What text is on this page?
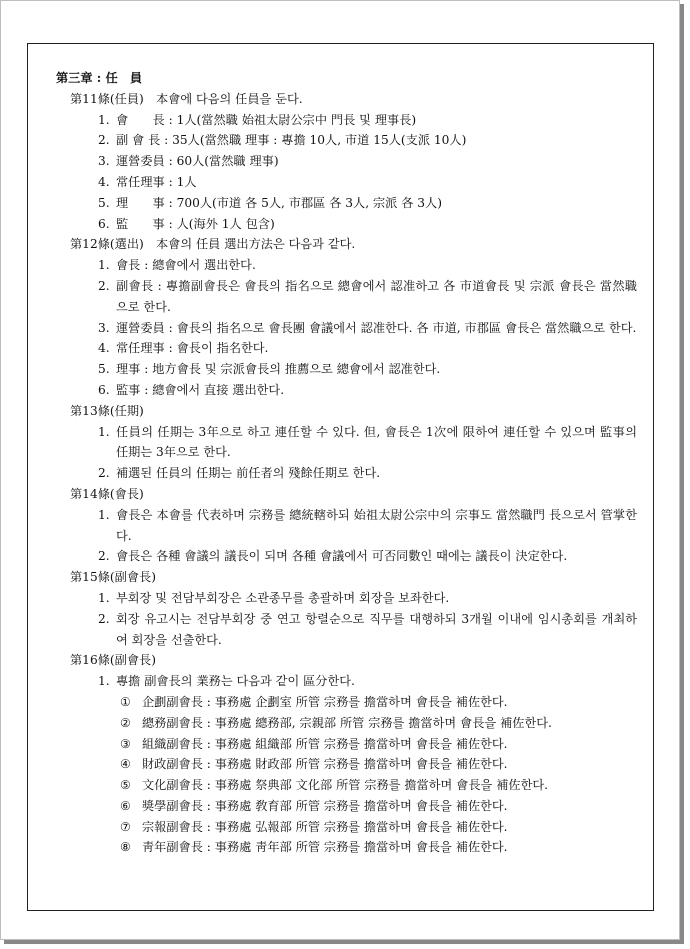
第三章 : 任　員
第11條(任員)　本會에 다음의 任員을 둔다.
1. 會　　長 : 1人(當然職 始祖太尉公宗中 門長 및 理事長)
2. 副 會 長 : 35人(當然職 理事 : 專擔 10人, 市道 15人(支派 10人)
3. 運營委員 : 60人(當然職 理事)
4. 常任理事 : 1人
5. 理　　事 : 700人(市道 各 5人, 市郡區 各 3人, 宗派 各 3人)
6. 監　　事 : 人(海外 1人 包含)
第12條(選出)　本會의 任員 選出方法은 다음과 같다.
1. 會長 : 總會에서 選出한다.
2. 副會長 : 專擔副會長은 會長의 指名으로 總會에서 認准하고 各 市道會長 및 宗派 會長은 當然職으로 한다.
3. 運營委員 : 會長의 指名으로 會長團 會議에서 認准한다. 各 市道, 市郡區 會長은 當然職으로 한다.
4. 常任理事 : 會長이 指名한다.
5. 理事 : 地方會長 및 宗派會長의 推薦으로 總會에서 認准한다.
6. 監事 : 總會에서 直接 選出한다.
第13條(任期)
1. 任員의 任期는 3年으로 하고 連任할 수 있다. 但, 會長은 1次에 限하여 連任할 수 있으며 監事의 任期는 3年으로 한다.
2. 補選된 任員의 任期는 前任者의 殘餘任期로 한다.
第14條(會長)
1. 會長은 本會를 代表하며 宗務를 總統轄하되 始祖太尉公宗中의 宗事도 當然職門 長으로서 管掌한다.
2. 會長은 各種 會議의 議長이 되며 各種 會議에서 可否同數인 때에는 議長이 決定한다.
第15條(副會長)
1. 부회장 및 전담부회장은 소관종무를 총괄하며 회장을 보좌한다.
2. 회장 유고시는 전담부회장 중 연고 항렬순으로 직무를 대행하되 3개월 이내에 임시총회를 개최하여 회장을 선출한다.
第16條(副會長)
1. 專擔 副會長의 業務는 다음과 같이 區分한다.
① 企劃副會長 : 事務處 企劃室 所管 宗務를 擔當하며 會長을 補佐한다.
② 總務副會長 : 事務處 總務部, 宗親部 所管 宗務를 擔當하며 會長을 補佐한다.
③ 組織副會長 : 事務處 組織部 所管 宗務를 擔當하며 會長을 補佐한다.
④ 財政副會長 : 事務處 財政部 所管 宗務를 擔當하며 會長을 補佐한다.
⑤ 文化副會長 : 事務處 祭典部 文化部 所管 宗務를 擔當하며 會長을 補佐한다.
⑥ 獎學副會長 : 事務處 敎育部 所管 宗務를 擔當하며 會長을 補佐한다.
⑦ 宗報副會長 : 事務處 弘報部 所管 宗務를 擔當하며 會長을 補佐한다.
⑧ 靑年副會長 : 事務處 靑年部 所管 宗務를 擔當하며 會長을 補佐한다.
